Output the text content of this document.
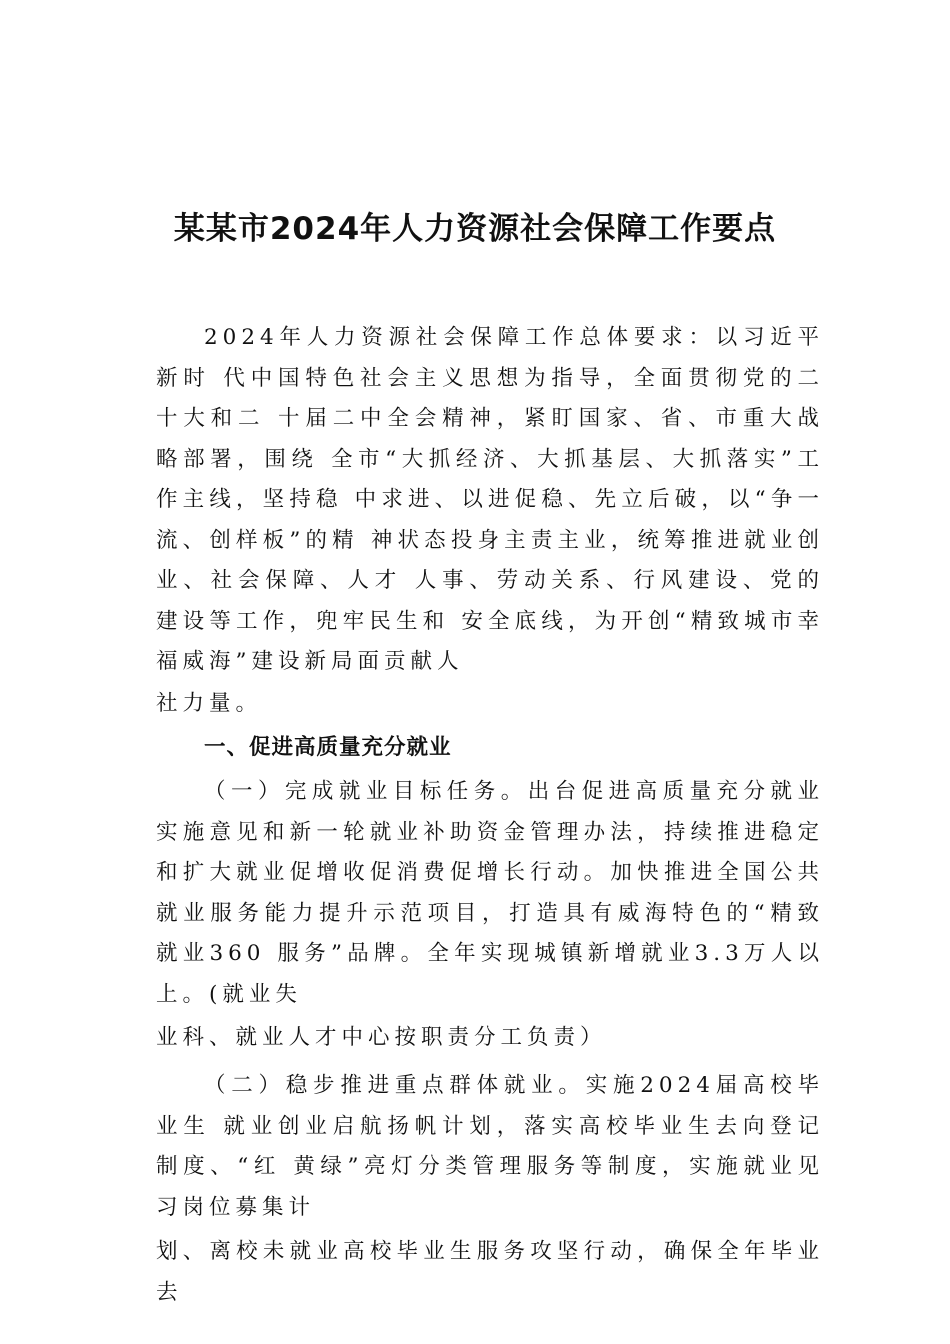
某某市2024年人力资源社会保障工作要点

2024年人力资源社会保障工作总体要求：以习近平新时 代中国特色社会主义思想为指导，全面贯彻党的二十大和二 十届二中全会精神，紧盯国家、省、市重大战略部署，围绕 全市“大抓经济、大抓基层、大抓落实”工作主线，坚持稳 中求进、以进促稳、先立后破，以“争一流、创样板”的精 神状态投身主责主业，统筹推进就业创业、社会保障、人才 人事、劳动关系、行风建设、党的建设等工作，兜牢民生和 安全底线，为开创“精致城市幸福威海”建设新局面贡献人

社力量。

一、促进高质量充分就业

（一）完成就业目标任务。出台促进高质量充分就业实施意见和新一轮就业补助资金管理办法，持续推进稳定和扩大就业促增收促消费促增长行动。加快推进全国公共就业服务能力提升示范项目，打造具有威海特色的“精致就业360 服务”品牌。全年实现城镇新增就业3.3万人以上。(就业失

业科、就业人才中心按职责分工负责）

（二）稳步推进重点群体就业。实施2024届高校毕业生 就业创业启航扬帆计划，落实高校毕业生去向登记制度、“红 黄绿”亮灯分类管理服务等制度，实施就业见习岗位募集计

划、离校未就业高校毕业生服务攻坚行动，确保全年毕业去
